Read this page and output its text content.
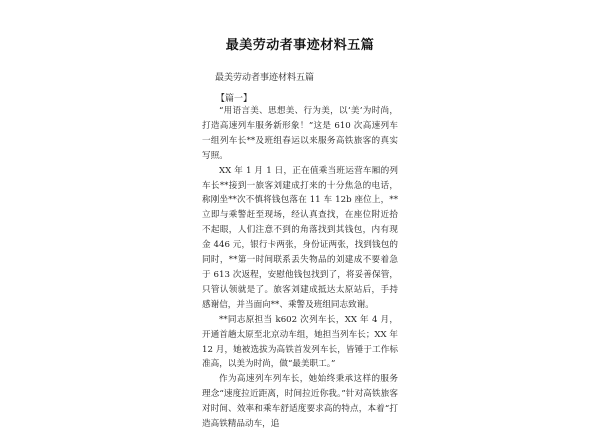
最美劳动者事迹材料五篇
最美劳动者事迹材料五篇
【篇一】

“用语言美、思想美、行为美，以‘美’为时尚，打造高速列车服务新形象！”这是 610 次高速列车一组列车长**及班组春运以来服务高铁旅客的真实写照。

XX 年 1 月 1 日，正在值乘当班运营车厢的列车长**接到一旅客刘建成打来的十分焦急的电话，称刚坐**次不慎将钱包落在 11 车 12b 座位上，**立即与乘警赶至现场，经认真查找，在座位附近拾不起眼，人们注意不到的角落找到其钱包，内有现金 446 元，银行卡两张，身份证两张，找到钱包的同时，**第一时间联系丢失物品的刘建成不要着急于 613 次返程，安慰他钱包找到了，将妥善保管，只管认领就是了。旅客刘建成抵达太原站后，手持感谢信，并当面向**、乘警及班组同志致谢。

**同志原担当 k602 次列车长，XX 年 4 月，开通首趟太原至北京动车组，她担当列车长；XX 年 12 月，她被选拔为高铁首发列车长，皆锤于工作标准高，以美为时尚，做“最美职工。”

作为高速列车列车长，她始终秉承这样的服务理念“速度拉近距离，时间拉近你我。”针对高铁旅客对时间、效率和乘车舒适度要求高的特点，本着“打造高铁精品动车，追
